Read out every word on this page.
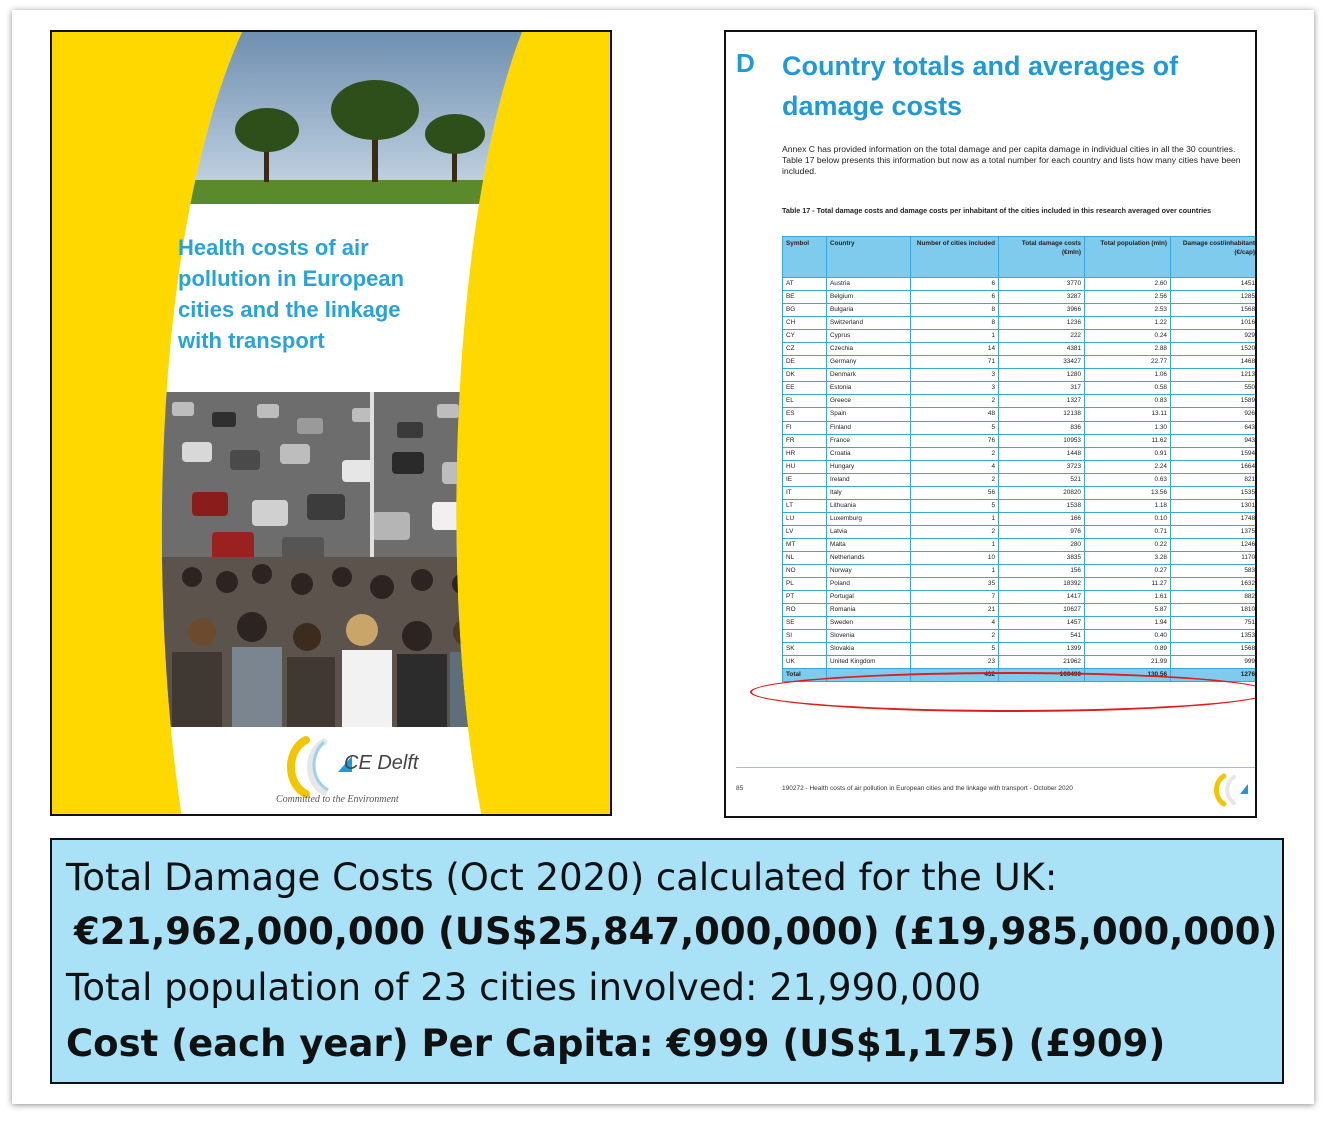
Health costs of air pollution in European cities and the linkage with transport
CE Delft
Committed to the Environment
D Country totals and averages of damage costs
Annex C has provided information on the total damage and per capita damage in individual cities in all the 30 countries. Table 17 below presents this information but now as a total number for each country and lists how many cities have been included.
Table 17 - Total damage costs and damage costs per inhabitant of the cities included in this research averaged over countries
Symbol	Country	Number of cities included	Total damage costs (€mln)	Total population (mln)	Damage cost/inhabitant (€/cap)
AT	Austria	6	3770	2.60	1451
BE	Belgium	6	3287	2.56	1285
BG	Bulgaria	8	3966	2.53	1568
CH	Switzerland	8	1236	1.22	1016
CY	Cyprus	1	222	0.24	929
CZ	Czechia	14	4381	2.88	1520
DE	Germany	71	33427	22.77	1468
DK	Denmark	3	1280	1.06	1213
EE	Estonia	3	317	0.58	550
EL	Greece	2	1327	0.83	1589
ES	Spain	48	12138	13.11	926
FI	Finland	5	836	1.30	643
FR	France	76	10953	11.62	943
HR	Croatia	2	1448	0.91	1594
HU	Hungary	4	3723	2.24	1664
IE	Ireland	2	521	0.63	821
IT	Italy	56	20820	13.56	1535
LT	Lithuania	5	1538	1.18	1301
LU	Luxemburg	1	166	0.10	1748
LV	Latvia	2	976	0.71	1375
MT	Malta	1	280	0.22	1246
NL	Netherlands	10	3835	3.28	1170
NO	Norway	1	156	0.27	583
PL	Poland	35	18392	11.27	1632
PT	Portugal	7	1417	1.61	882
RO	Romania	21	10627	5.87	1810
SE	Sweden	4	1457	1.94	751
SI	Slovenia	2	541	0.40	1353
SK	Slovakia	5	1399	0.89	1568
UK	United Kingdom	23	21962	21.99	999
Total		432	166490	130.56	1276
85	190272 - Health costs of air pollution in European cities and the linkage with transport - October 2020
Total Damage Costs (Oct 2020) calculated for the UK:
€21,962,000,000 (US$25,847,000,000) (£19,985,000,000)
Total population of 23 cities involved: 21,990,000
Cost (each year) Per Capita: €999 (US$1,175) (£909)
